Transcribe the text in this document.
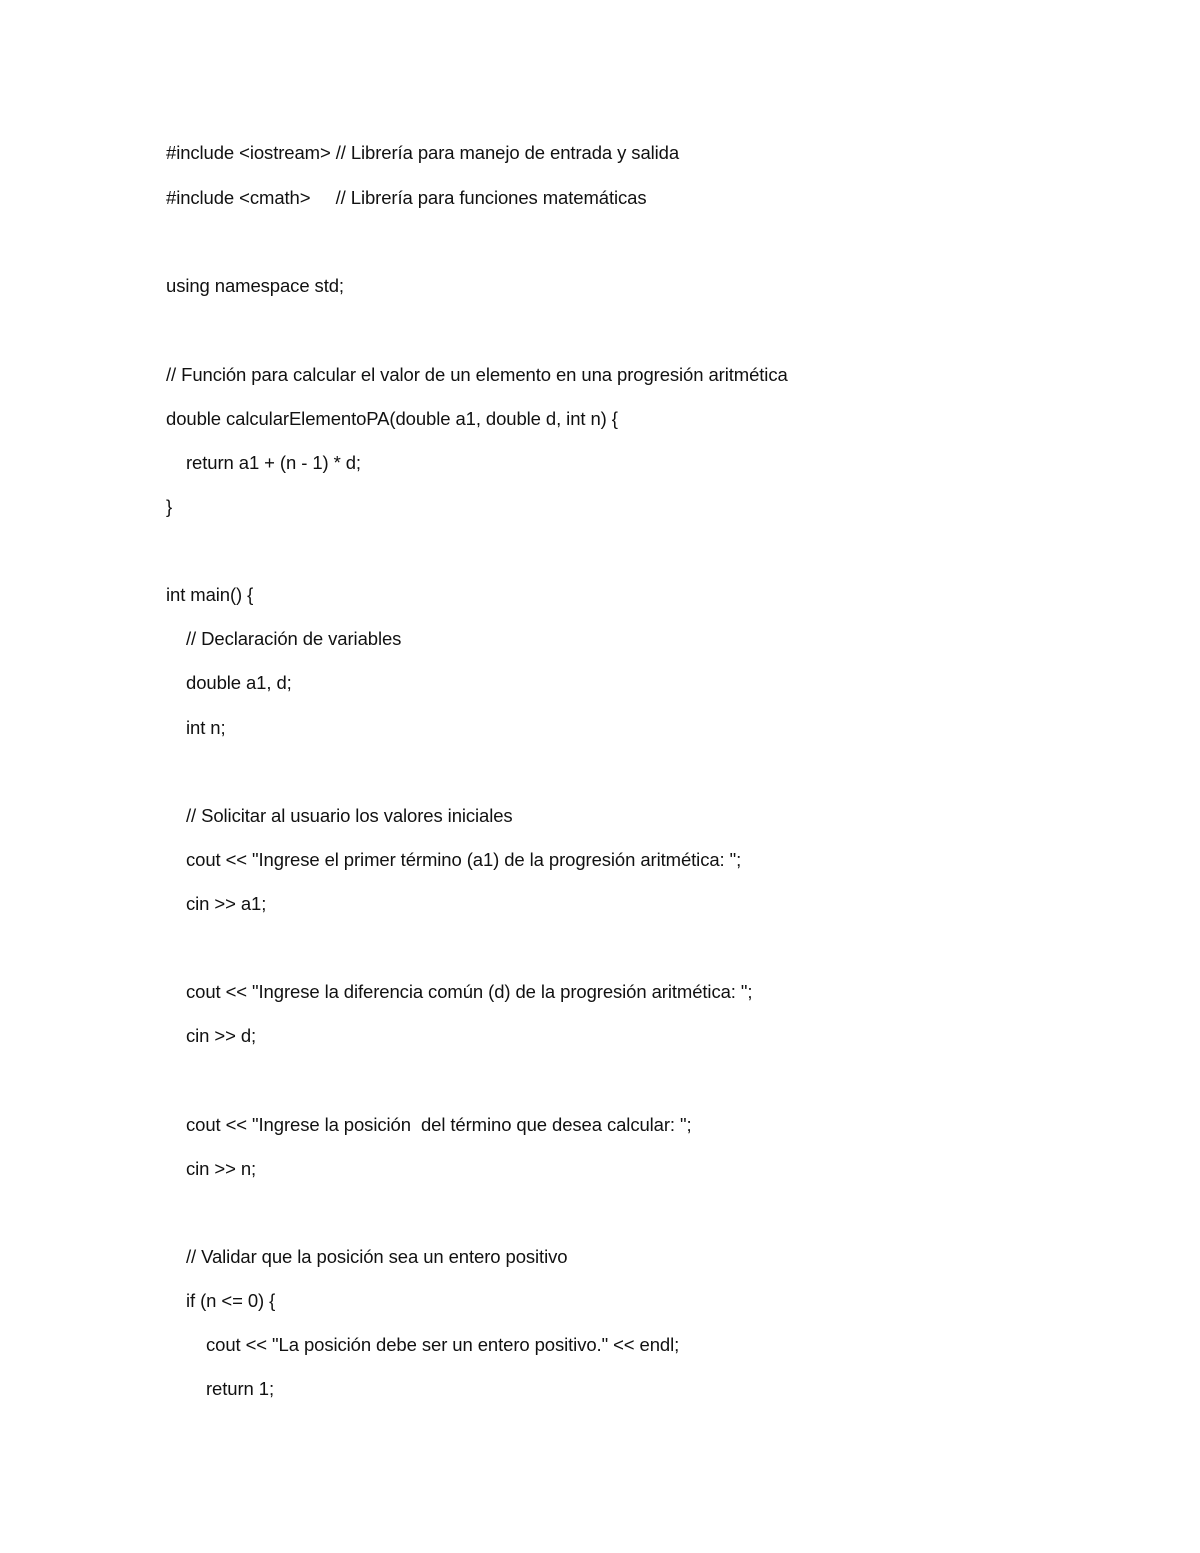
#include <iostream> // Librería para manejo de entrada y salida
#include <cmath>     // Librería para funciones matemáticas
using namespace std;
// Función para calcular el valor de un elemento en una progresión aritmética
double calcularElementoPA(double a1, double d, int n) {
return a1 + (n - 1) * d;
}
int main() {
// Declaración de variables
double a1, d;
int n;
// Solicitar al usuario los valores iniciales
cout << "Ingrese el primer término (a1) de la progresión aritmética: ";
cin >> a1;
cout << "Ingrese la diferencia común (d) de la progresión aritmética: ";
cin >> d;
cout << "Ingrese la posición  del término que desea calcular: ";
cin >> n;
// Validar que la posición sea un entero positivo
if (n <= 0) {
cout << "La posición debe ser un entero positivo." << endl;
return 1;
